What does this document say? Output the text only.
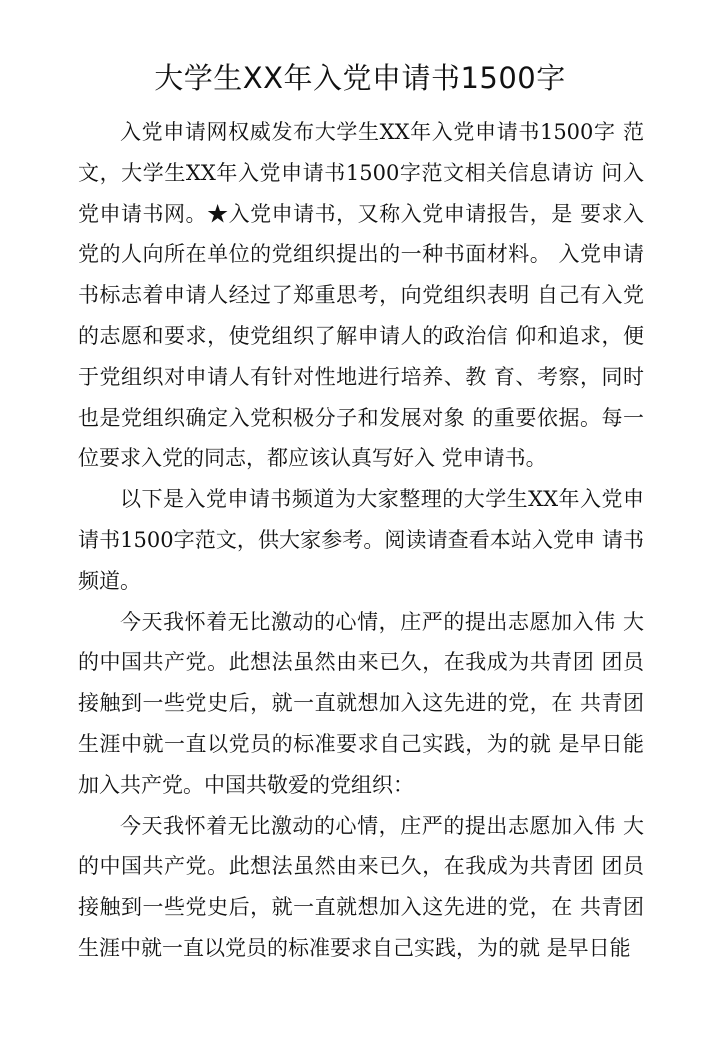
大学生XX年入党申请书1500字

入党申请网权威发布大学生XX年入党申请书1500字 范文，大学生XX年入党申请书1500字范文相关信息请访 问入党申请书网。★入党申请书，又称入党申请报告，是 要求入党的人向所在单位的党组织提出的一种书面材料。 入党申请书标志着申请人经过了郑重思考，向党组织表明 自己有入党的志愿和要求，使党组织了解申请人的政治信 仰和追求，便于党组织对申请人有针对性地进行培养、教 育、考察，同时也是党组织确定入党积极分子和发展对象 的重要依据。每一位要求入党的同志，都应该认真写好入 党申请书。

以下是入党申请书频道为大家整理的大学生XX年入党申请书1500字范文，供大家参考。阅读请查看本站入党申 请书频道。

今天我怀着无比激动的心情，庄严的提出志愿加入伟 大的中国共产党。此想法虽然由来已久，在我成为共青团 团员接触到一些党史后，就一直就想加入这先进的党，在 共青团生涯中就一直以党员的标准要求自己实践，为的就 是早日能加入共产党。中国共敬爱的党组织：

今天我怀着无比激动的心情，庄严的提出志愿加入伟 大的中国共产党。此想法虽然由来已久，在我成为共青团 团员接触到一些党史后，就一直就想加入这先进的党，在 共青团生涯中就一直以党员的标准要求自己实践，为的就 是早日能
